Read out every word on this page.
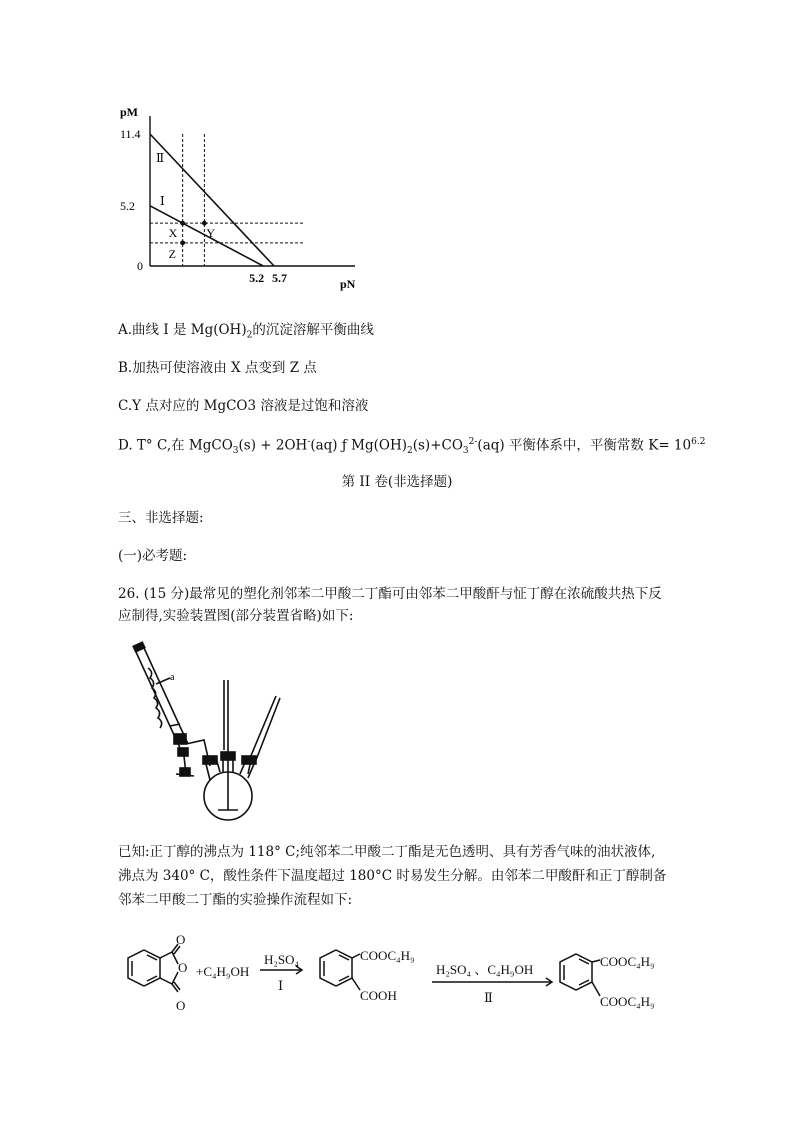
pM
pN
11.4
5.2
0
5.2 5.7
Ⅱ
Ⅰ
X Y
Z
A.曲线 I 是 $Mg(OH)_2$的沉淀溶解平衡曲线
B.加热可使溶液由 X 点变到 Z 点
C.Y 点对应的 MgCO3 溶液是过饱和溶液
D. T° C,在 MgCO$_3$(s) + 2OH-(aq) ƒ $Mg(OH)_2(s)+CO_3^{2-}(aq)$ 平衡体系中，平衡常数 $K= 10^{6.2}$
第 II 卷(非选择题)
三、非选择题:
(一)必考题:
26. (15 分)最常见的塑化剂邻苯二甲酸二丁酯可由邻苯二甲酸酐与怔丁醇在浓硫酸共热下反
应制得,实验装置图(部分装置省略)如下:
a
已知:正丁醇的沸点为 118° C;纯邻苯二甲酸二丁酯是无色透明、具有芳香气味的油状液体,
沸点为 340° C，酸性条件下温度超过 180°C 时易发生分解。由邻苯二甲酸酐和正丁醇制备
邻苯二甲酸二丁酯的实验操作流程如下:
O
O
O
+C₄H₉OH
H₂SO₄
Ⅰ
COOC₄H₉
COOH
H₂SO₄ 、C₄H₉OH
Ⅱ
COOC₄H₉
COOC₄H₉
